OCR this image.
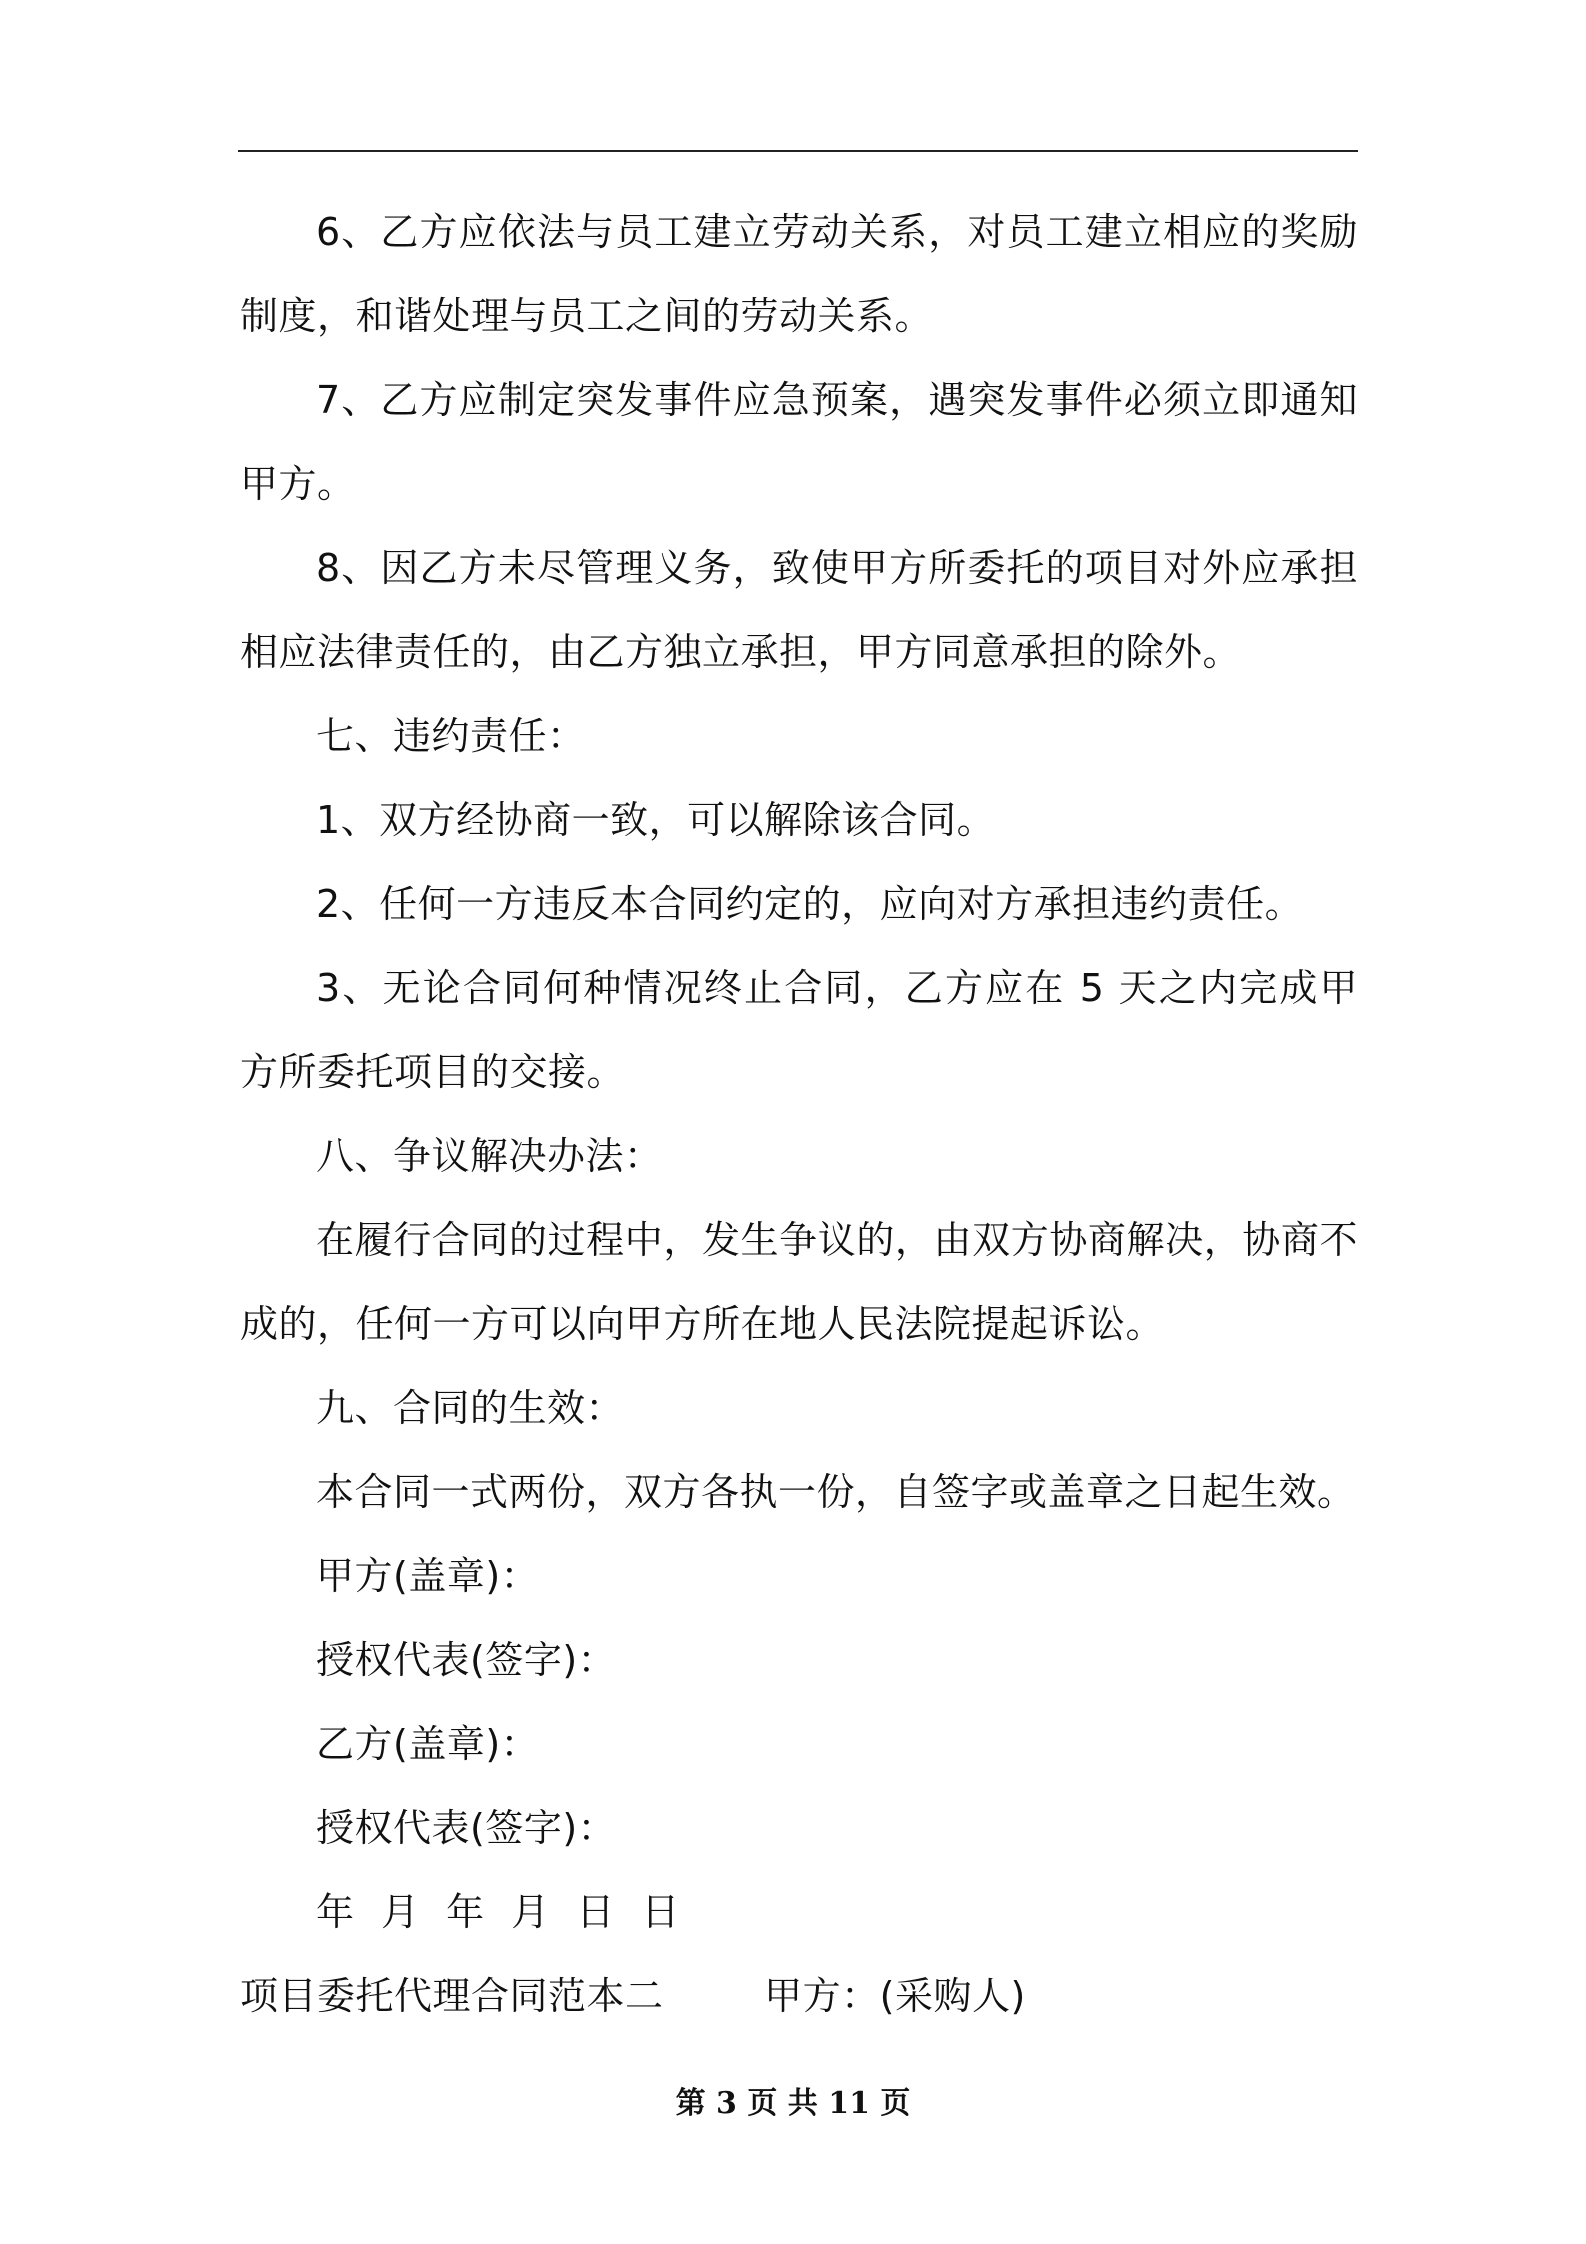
6、乙方应依法与员工建立劳动关系，对员工建立相应的奖励制度，和谐处理与员工之间的劳动关系。

7、乙方应制定突发事件应急预案，遇突发事件必须立即通知甲方。

8、因乙方未尽管理义务，致使甲方所委托的项目对外应承担相应法律责任的，由乙方独立承担，甲方同意承担的除外。

七、违约责任：

1、双方经协商一致，可以解除该合同。

2、任何一方违反本合同约定的，应向对方承担违约责任。

3、无论合同何种情况终止合同，乙方应在 5 天之内完成甲 方所委托项目的交接。

八、争议解决办法：

在履行合同的过程中，发生争议的，由双方协商解决，协商不成的，任何一方可以向甲方所在地人民法院提起诉讼。

九、合同的生效：

本合同一式两份，双方各执一份，自签字或盖章之日起生效。

甲方(盖章)：

授权代表(签字)：

乙方(盖章)：

授权代表(签字)：

年 月 年 月 日 日

项目委托代理合同范本二        甲方：(采购人)

第 3 页 共 11 页
